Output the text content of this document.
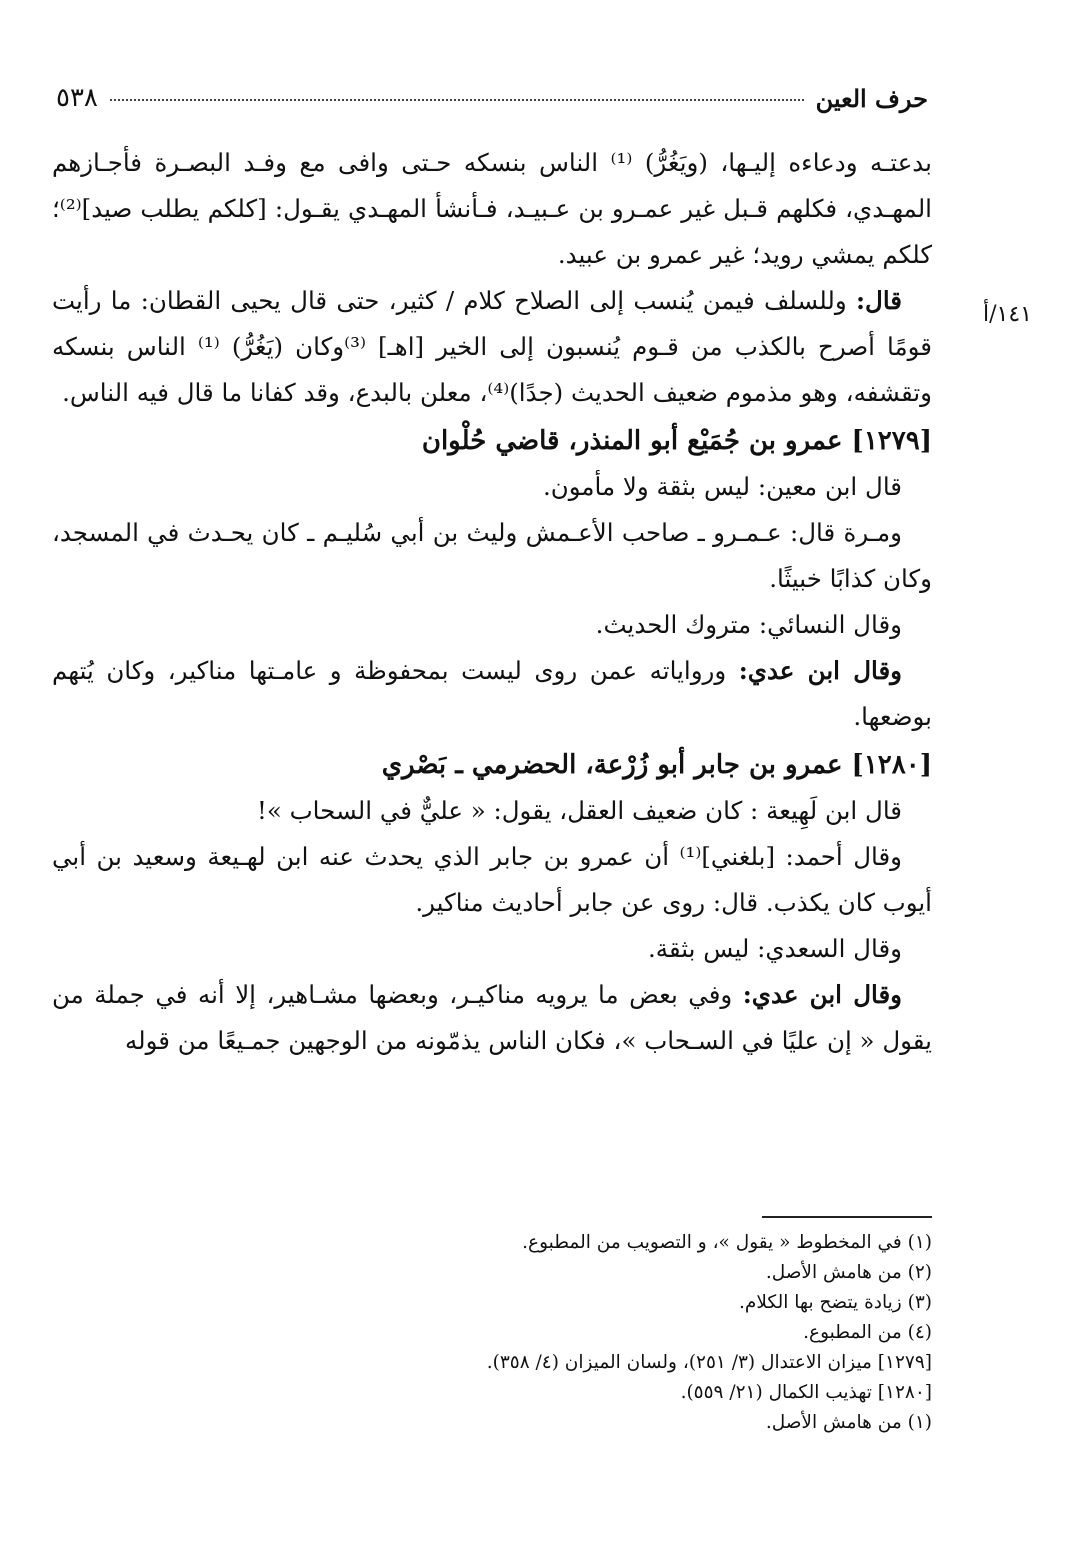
حرف العين
٥٣٨
١٤١/أ

بدعتـه ودعاءه إليـها، (ويَغُرُّ) ⁽¹⁾ الناس بنسكه حـتى وافى مع وفـد البصـرة فأجـازهم المهـدي، فكلهم قـبل غير عمـرو بن عـبيـد، فـأنشأ المهـدي يقـول: [كلكم يطلب صيد]⁽²⁾؛ كلكم يمشي رويد؛ غير عمرو بن عبيد.

قال: وللسلف فيمن يُنسب إلى الصلاح كلام / كثير، حتى قال يحيى القطان: ما رأيت قومًا أصرح بالكذب من قـوم يُنسبون إلى الخير [اهـ] ⁽³⁾وكان (يَغُرُّ) ⁽¹⁾ الناس بنسكه وتقشفه، وهو مذموم ضعيف الحديث (جدًا)⁽⁴⁾، معلن بالبدع، وقد كفانا ما قال فيه الناس.

[١٢٧٩] عمرو بن جُمَيْع أبو المنذر، قاضي حُلْوان

قال ابن معين: ليس بثقة ولا مأمون.

ومـرة قال: عـمـرو ـ صاحب الأعـمش وليث بن أبي سُليـم ـ كان يحـدث في المسجد، وكان كذابًا خبيثًا.

وقال النسائي: متروك الحديث.

وقال ابن عدي: ورواياته عمن روى ليست بمحفوظة و عامـتها مناكير، وكان يُتهم بوضعها.

[١٢٨٠] عمرو بن جابر أبو زُرْعة، الحضرمي ـ بَصْري

قال ابن لَهِيعة : كان ضعيف العقل، يقول: « عليٌّ في السحاب »!

وقال أحمد: [بلغني]⁽¹⁾ أن عمرو بن جابر الذي يحدث عنه ابن لهـيعة وسعيد بن أبي أيوب كان يكذب. قال: روى عن جابر أحاديث مناكير.

وقال السعدي: ليس بثقة.

وقال ابن عدي: وفي بعض ما يرويه مناكيـر، وبعضها مشـاهير، إلا أنه في جملة من يقول « إن عليًا في السـحاب »، فكان الناس يذمّونه من الوجهين جمـيعًا من قوله

(١) في المخطوط « يقول »، و التصويب من المطبوع.
(٢) من هامش الأصل.
(٣) زيادة يتضح بها الكلام.
(٤) من المطبوع.
[١٢٧٩] ميزان الاعتدال (٣/ ٢٥١)، ولسان الميزان (٤/ ٣٥٨).
[١٢٨٠] تهذيب الكمال (٢١/ ٥٥٩).
(١) من هامش الأصل.
